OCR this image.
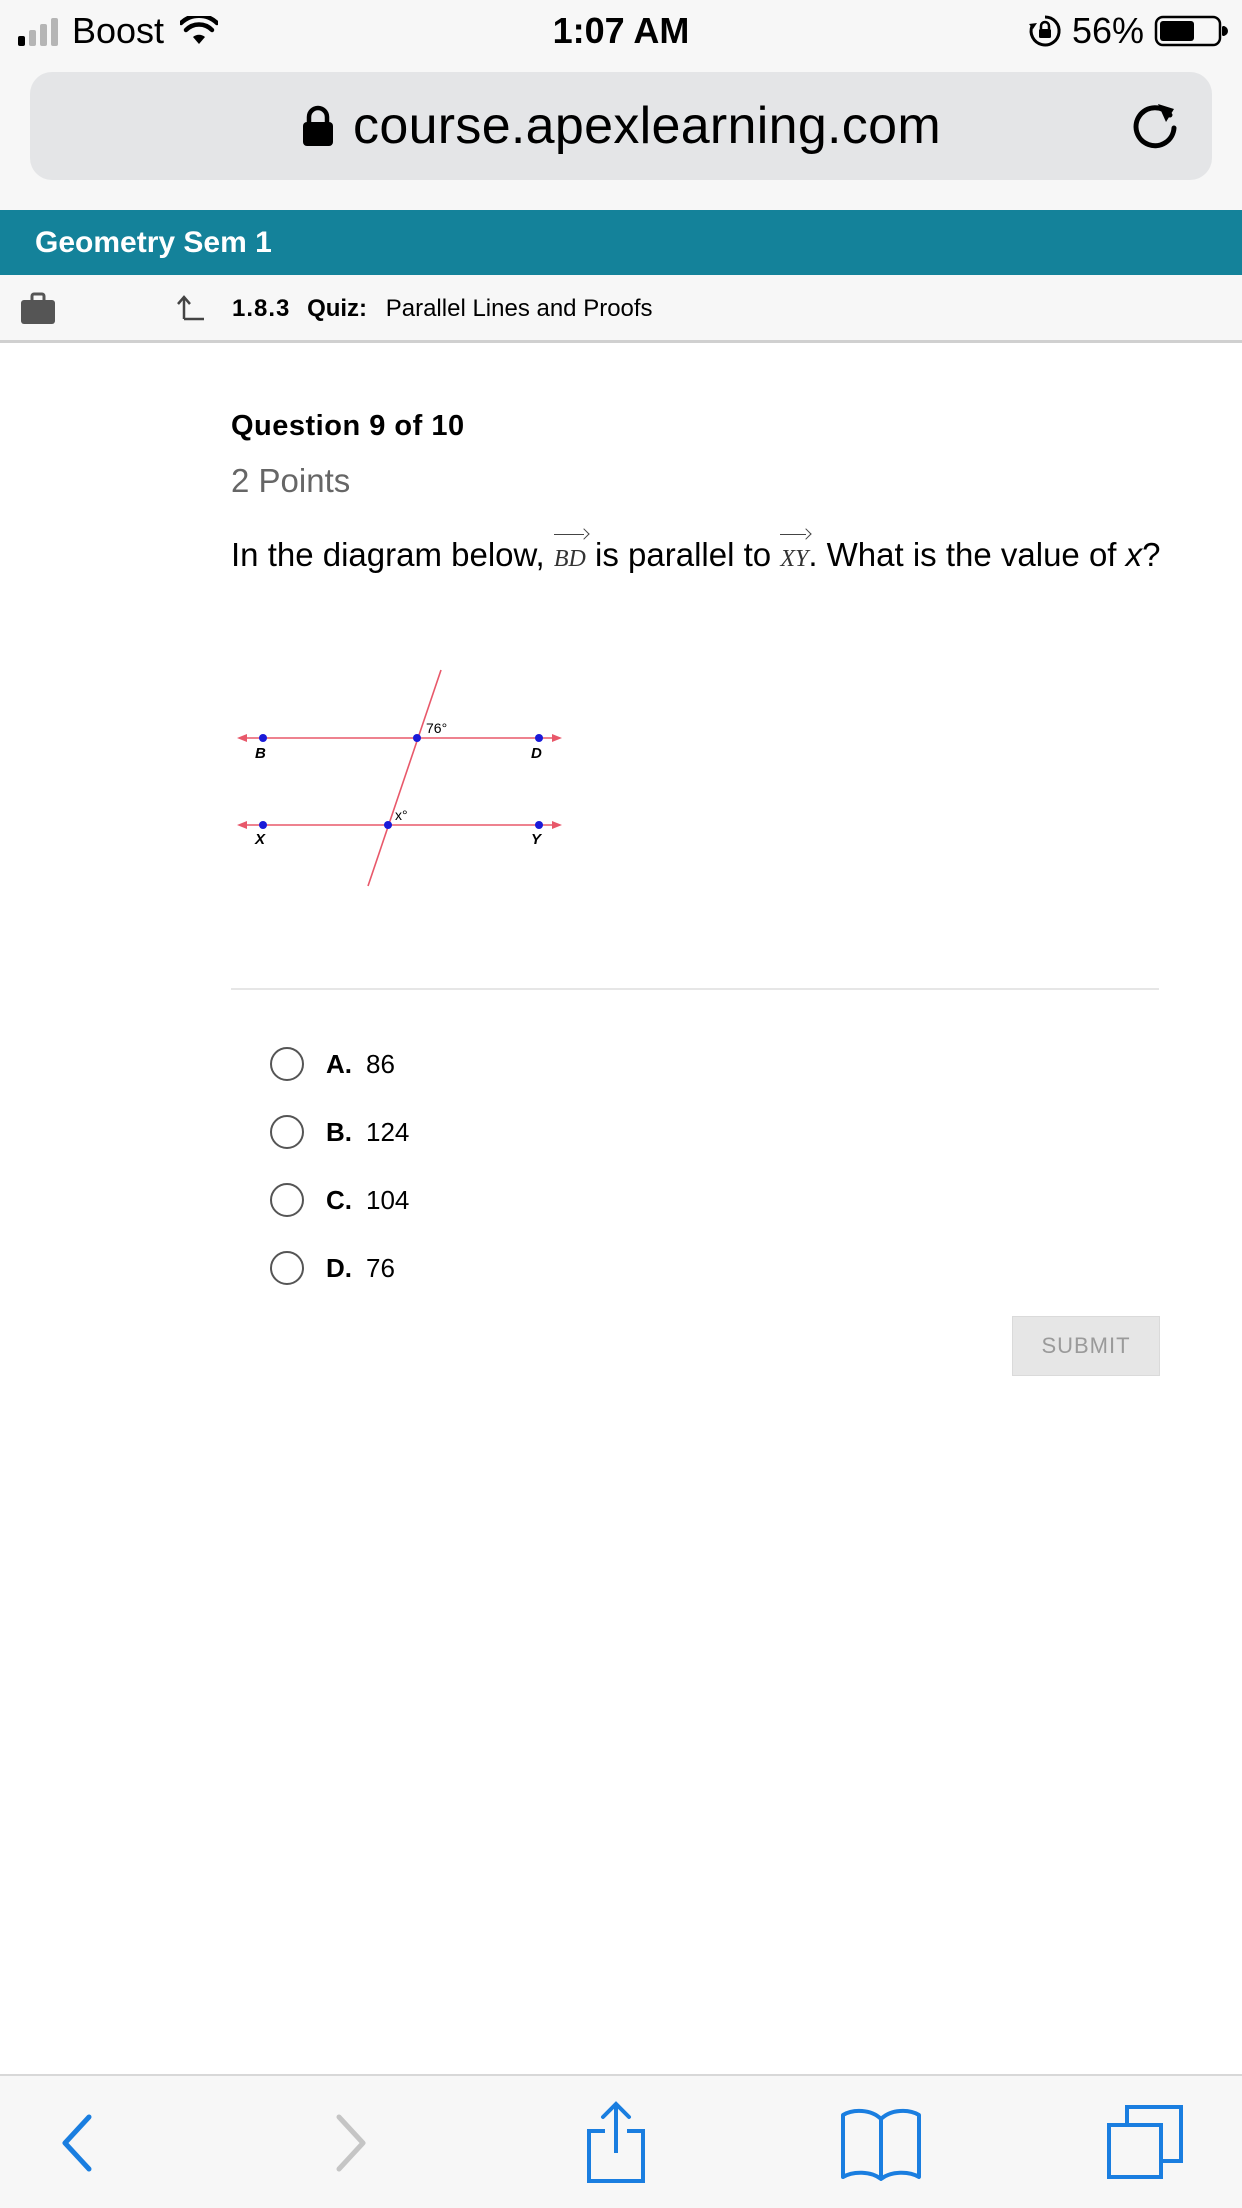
Boost	1:07 AM	56%
course.apexlearning.com
Geometry Sem 1
1.8.3 Quiz: Parallel Lines and Proofs
Question 9 of 10
2 Points
In the diagram below, BD is parallel to XY. What is the value of x?
B	D
X	Y
76°
x°
A. 86
B. 124
C. 104
D. 76
SUBMIT
